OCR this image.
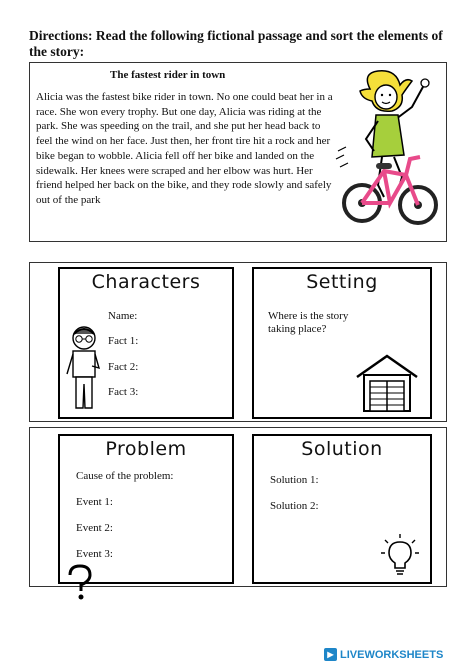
Directions: Read the following fictional passage and sort the elements of the story:
The fastest rider in town
Alicia was the fastest bike rider in town. No one could beat her in a race. She won every trophy. But one day, Alicia was riding at the park. She was speeding on the trail, and she put her head back to feel the wind on her face. Just then, her front tire hit a rock and her bike began to wobble. Alicia fell off her bike and landed on the sidewalk. Her knees were scraped and her elbow was hurt. Her friend helped her back on the bike, and they rode slowly and safely out of the park
Characters
Name:
Fact 1:
Fact 2:
Fact 3:
Setting
Where is the story
taking place?
Problem
Cause of the problem:
Event 1:
Event 2:
Event 3:
Solution
Solution 1:
Solution 2:
▶ LIVEWORKSHEETS
